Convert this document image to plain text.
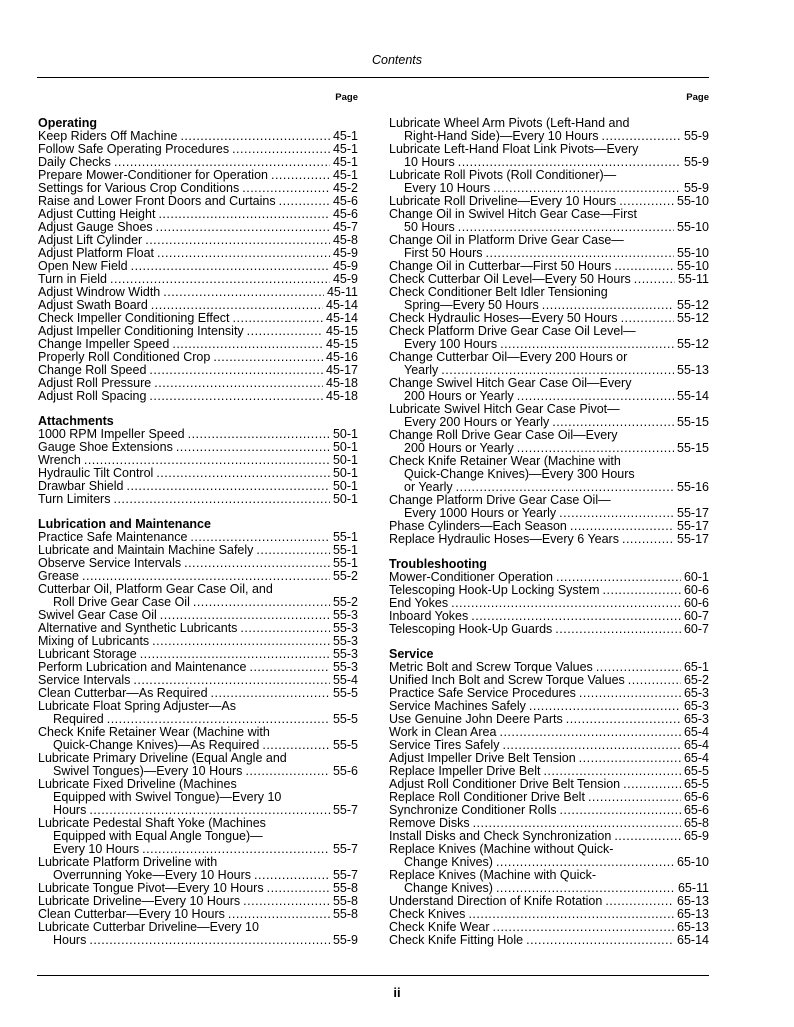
Contents
Page
Operating
Keep Riders Off Machine .....	45-1
Follow Safe Operating Procedures .....	45-1
Daily Checks .....	45-1
Prepare Mower-Conditioner for Operation .....	45-1
Settings for Various Crop Conditions .....	45-2
Raise and Lower Front Doors and Curtains .....	45-6
Adjust Cutting Height .....	45-6
Adjust Gauge Shoes .....	45-7
Adjust Lift Cylinder .....	45-8
Adjust Platform Float .....	45-9
Open New Field .....	45-9
Turn in Field .....	45-9
Adjust Windrow Width .....	45-11
Adjust Swath Board .....	45-14
Check Impeller Conditioning Effect .....	45-14
Adjust Impeller Conditioning Intensity .....	45-15
Change Impeller Speed .....	45-15
Properly Roll Conditioned Crop .....	45-16
Change Roll Speed .....	45-17
Adjust Roll Pressure .....	45-18
Adjust Roll Spacing .....	45-18
Attachments
1000 RPM Impeller Speed .....	50-1
Gauge Shoe Extensions .....	50-1
Wrench .....	50-1
Hydraulic Tilt Control .....	50-1
Drawbar Shield .....	50-1
Turn Limiters .....	50-1
Lubrication and Maintenance
Practice Safe Maintenance .....	55-1
Lubricate and Maintain Machine Safely .....	55-1
Observe Service Intervals .....	55-1
Grease .....	55-2
Cutterbar Oil, Platform Gear Case Oil, and
Roll Drive Gear Case Oil .....	55-2
Swivel Gear Case Oil .....	55-3
Alternative and Synthetic Lubricants .....	55-3
Mixing of Lubricants .....	55-3
Lubricant Storage .....	55-3
Perform Lubrication and Maintenance .....	55-3
Service Intervals .....	55-4
Clean Cutterbar—As Required .....	55-5
Lubricate Float Spring Adjuster—As
Required .....	55-5
Check Knife Retainer Wear (Machine with
Quick-Change Knives)—As Required .....	55-5
Lubricate Primary Driveline (Equal Angle and
Swivel Tongues)—Every 10 Hours .....	55-6
Lubricate Fixed Driveline (Machines
Equipped with Swivel Tongue)—Every 10
Hours .....	55-7
Lubricate Pedestal Shaft Yoke (Machines
Equipped with Equal Angle Tongue)—
Every 10 Hours .....	55-7
Lubricate Platform Driveline with
Overrunning Yoke—Every 10 Hours .....	55-7
Lubricate Tongue Pivot—Every 10 Hours .....	55-8
Lubricate Driveline—Every 10 Hours .....	55-8
Clean Cutterbar—Every 10 Hours .....	55-8
Lubricate Cutterbar Driveline—Every 10
Hours .....	55-9
Page
Lubricate Wheel Arm Pivots (Left-Hand and
Right-Hand Side)—Every 10 Hours .....	55-9
Lubricate Left-Hand Float Link Pivots—Every
10 Hours .....	55-9
Lubricate Roll Pivots (Roll Conditioner)—
Every 10 Hours .....	55-9
Lubricate Roll Driveline—Every 10 Hours .....	55-10
Change Oil in Swivel Hitch Gear Case—First
50 Hours .....	55-10
Change Oil in Platform Drive Gear Case—
First 50 Hours .....	55-10
Change Oil in Cutterbar—First 50 Hours .....	55-10
Check Cutterbar Oil Level—Every 50 Hours .....	55-11
Check Conditioner Belt Idler Tensioning
Spring—Every 50 Hours .....	55-12
Check Hydraulic Hoses—Every 50 Hours .....	55-12
Check Platform Drive Gear Case Oil Level—
Every 100 Hours .....	55-12
Change Cutterbar Oil—Every 200 Hours or
Yearly .....	55-13
Change Swivel Hitch Gear Case Oil—Every
200 Hours or Yearly .....	55-14
Lubricate Swivel Hitch Gear Case Pivot—
Every 200 Hours or Yearly .....	55-15
Change Roll Drive Gear Case Oil—Every
200 Hours or Yearly .....	55-15
Check Knife Retainer Wear (Machine with
Quick-Change Knives)—Every 300 Hours
or Yearly .....	55-16
Change Platform Drive Gear Case Oil—
Every 1000 Hours or Yearly .....	55-17
Phase Cylinders—Each Season .....	55-17
Replace Hydraulic Hoses—Every 6 Years .....	55-17
Troubleshooting
Mower-Conditioner Operation .....	60-1
Telescoping Hook-Up Locking System .....	60-6
End Yokes .....	60-6
Inboard Yokes .....	60-7
Telescoping Hook-Up Guards .....	60-7
Service
Metric Bolt and Screw Torque Values .....	65-1
Unified Inch Bolt and Screw Torque Values .....	65-2
Practice Safe Service Procedures .....	65-3
Service Machines Safely .....	65-3
Use Genuine John Deere Parts .....	65-3
Work in Clean Area .....	65-4
Service Tires Safely .....	65-4
Adjust Impeller Drive Belt Tension .....	65-4
Replace Impeller Drive Belt .....	65-5
Adjust Roll Conditioner Drive Belt Tension .....	65-5
Replace Roll Conditioner Drive Belt .....	65-6
Synchronize Conditioner Rolls .....	65-6
Remove Disks .....	65-8
Install Disks and Check Synchronization .....	65-9
Replace Knives (Machine without Quick-
Change Knives) .....	65-10
Replace Knives (Machine with Quick-
Change Knives) .....	65-11
Understand Direction of Knife Rotation .....	65-13
Check Knives .....	65-13
Check Knife Wear .....	65-13
Check Knife Fitting Hole .....	65-14
ii
